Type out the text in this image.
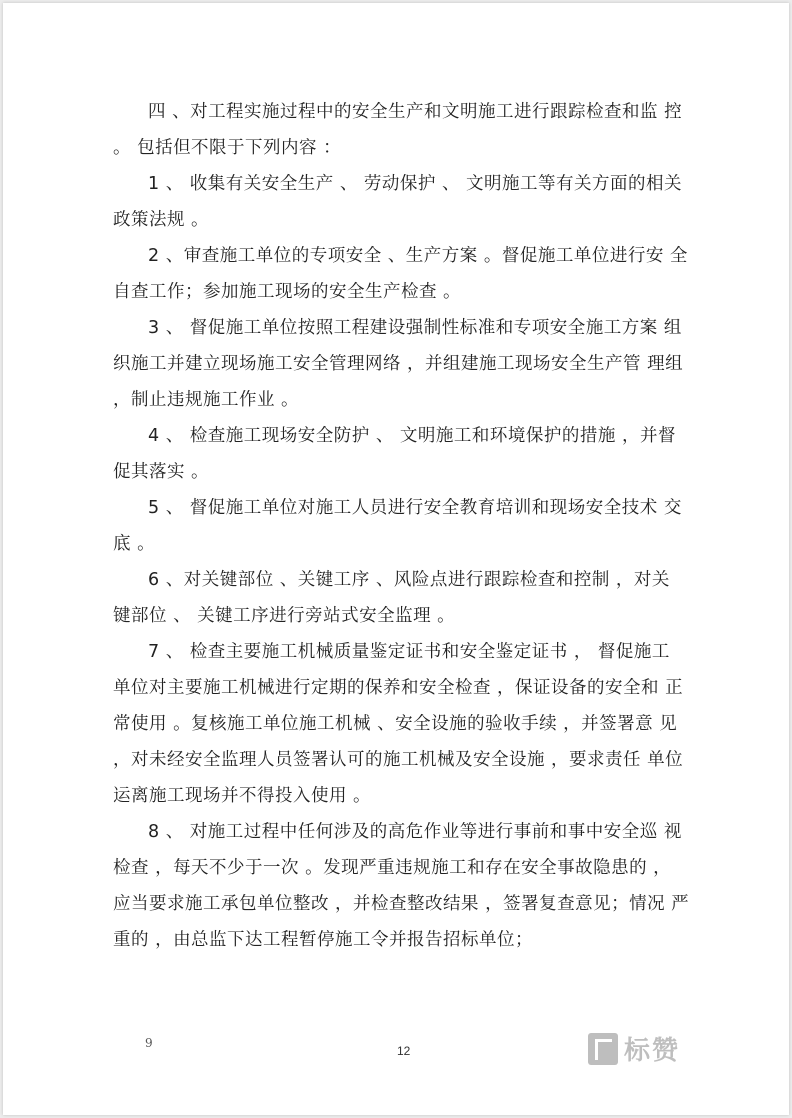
四 、对工程实施过程中的安全生产和文明施工进行跟踪检查和监 控 。 包括但不限于下列内容 ：

1 、 收集有关安全生产 、 劳动保护 、 文明施工等有关方面的相关 政策法规 。

2 、审查施工单位的专项安全 、生产方案 。督促施工单位进行安 全自查工作；参加施工现场的安全生产检查 。

3 、 督促施工单位按照工程建设强制性标准和专项安全施工方案 组织施工并建立现场施工安全管理网络 ，并组建施工现场安全生产管 理组 ，制止违规施工作业 。

4 、 检查施工现场安全防护 、 文明施工和环境保护的措施 ，并督促其落实 。

5 、 督促施工单位对施工人员进行安全教育培训和现场安全技术 交底 。

6 、对关键部位 、关键工序 、风险点进行跟踪检查和控制 ，对关 键部位 、 关键工序进行旁站式安全监理 。

7 、 检查主要施工机械质量鉴定证书和安全鉴定证书 ， 督促施工 单位对主要施工机械进行定期的保养和安全检查 ，保证设备的安全和 正常使用 。复核施工单位施工机械 、安全设施的验收手续 ，并签署意 见 ，对未经安全监理人员签署认可的施工机械及安全设施 ，要求责任 单位运离施工现场并不得投入使用 。

8 、 对施工过程中任何涉及的高危作业等进行事前和事中安全巡 视检查 ，每天不少于一次 。发现严重违规施工和存在安全事故隐患的 ， 应当要求施工承包单位整改 ，并检查整改结果 ，签署复查意见；情况 严重的 ，由总监下达工程暂停施工令并报告招标单位；

9
12	标赞
